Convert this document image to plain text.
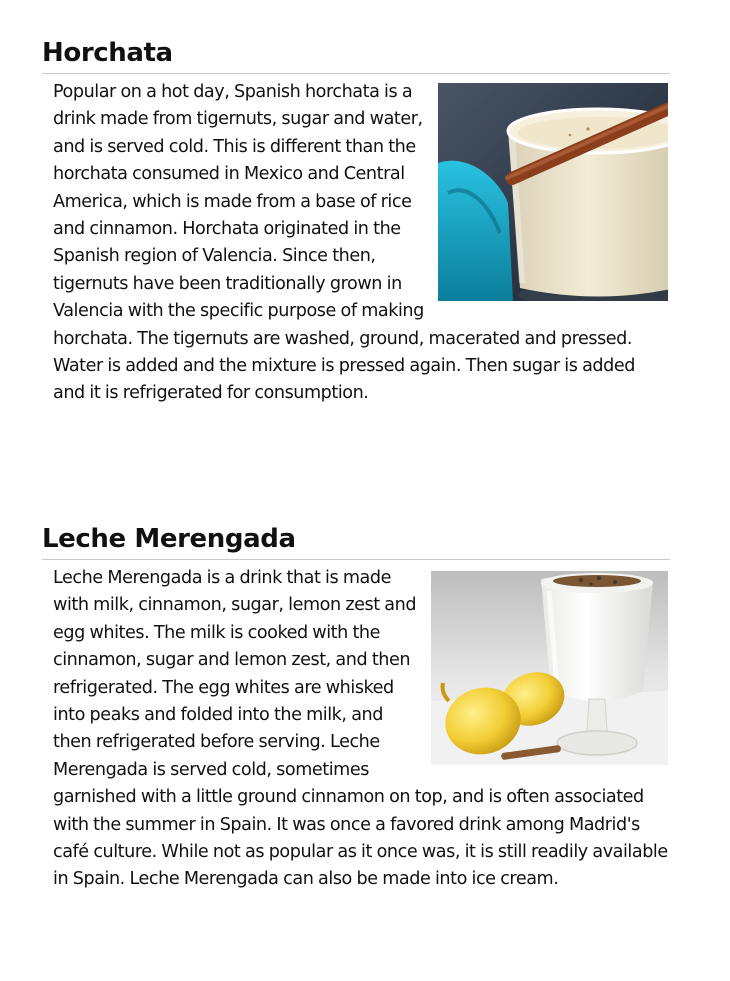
Horchata
Popular on a hot day, Spanish horchata is a drink made from tigernuts, sugar and water, and is served cold. This is different than the horchata consumed in Mexico and Central America, which is made from a base of rice and cinnamon. Horchata originated in the Spanish region of Valencia. Since then, tigernuts have been traditionally grown in Valencia with the specific purpose of making horchata. The tigernuts are washed, ground, macerated and pressed. Water is added and the mixture is pressed again. Then sugar is added and it is refrigerated for consumption.
Leche Merengada
Leche Merengada is a drink that is made with milk, cinnamon, sugar, lemon zest and egg whites. The milk is cooked with the cinnamon, sugar and lemon zest, and then refrigerated. The egg whites are whisked into peaks and folded into the milk, and then refrigerated before serving. Leche Merengada is served cold, sometimes garnished with a little ground cinnamon on top, and is often associated with the summer in Spain. It was once a favored drink among Madrid's café culture. While not as popular as it once was, it is still readily available in Spain. Leche Merengada can also be made into ice cream.
